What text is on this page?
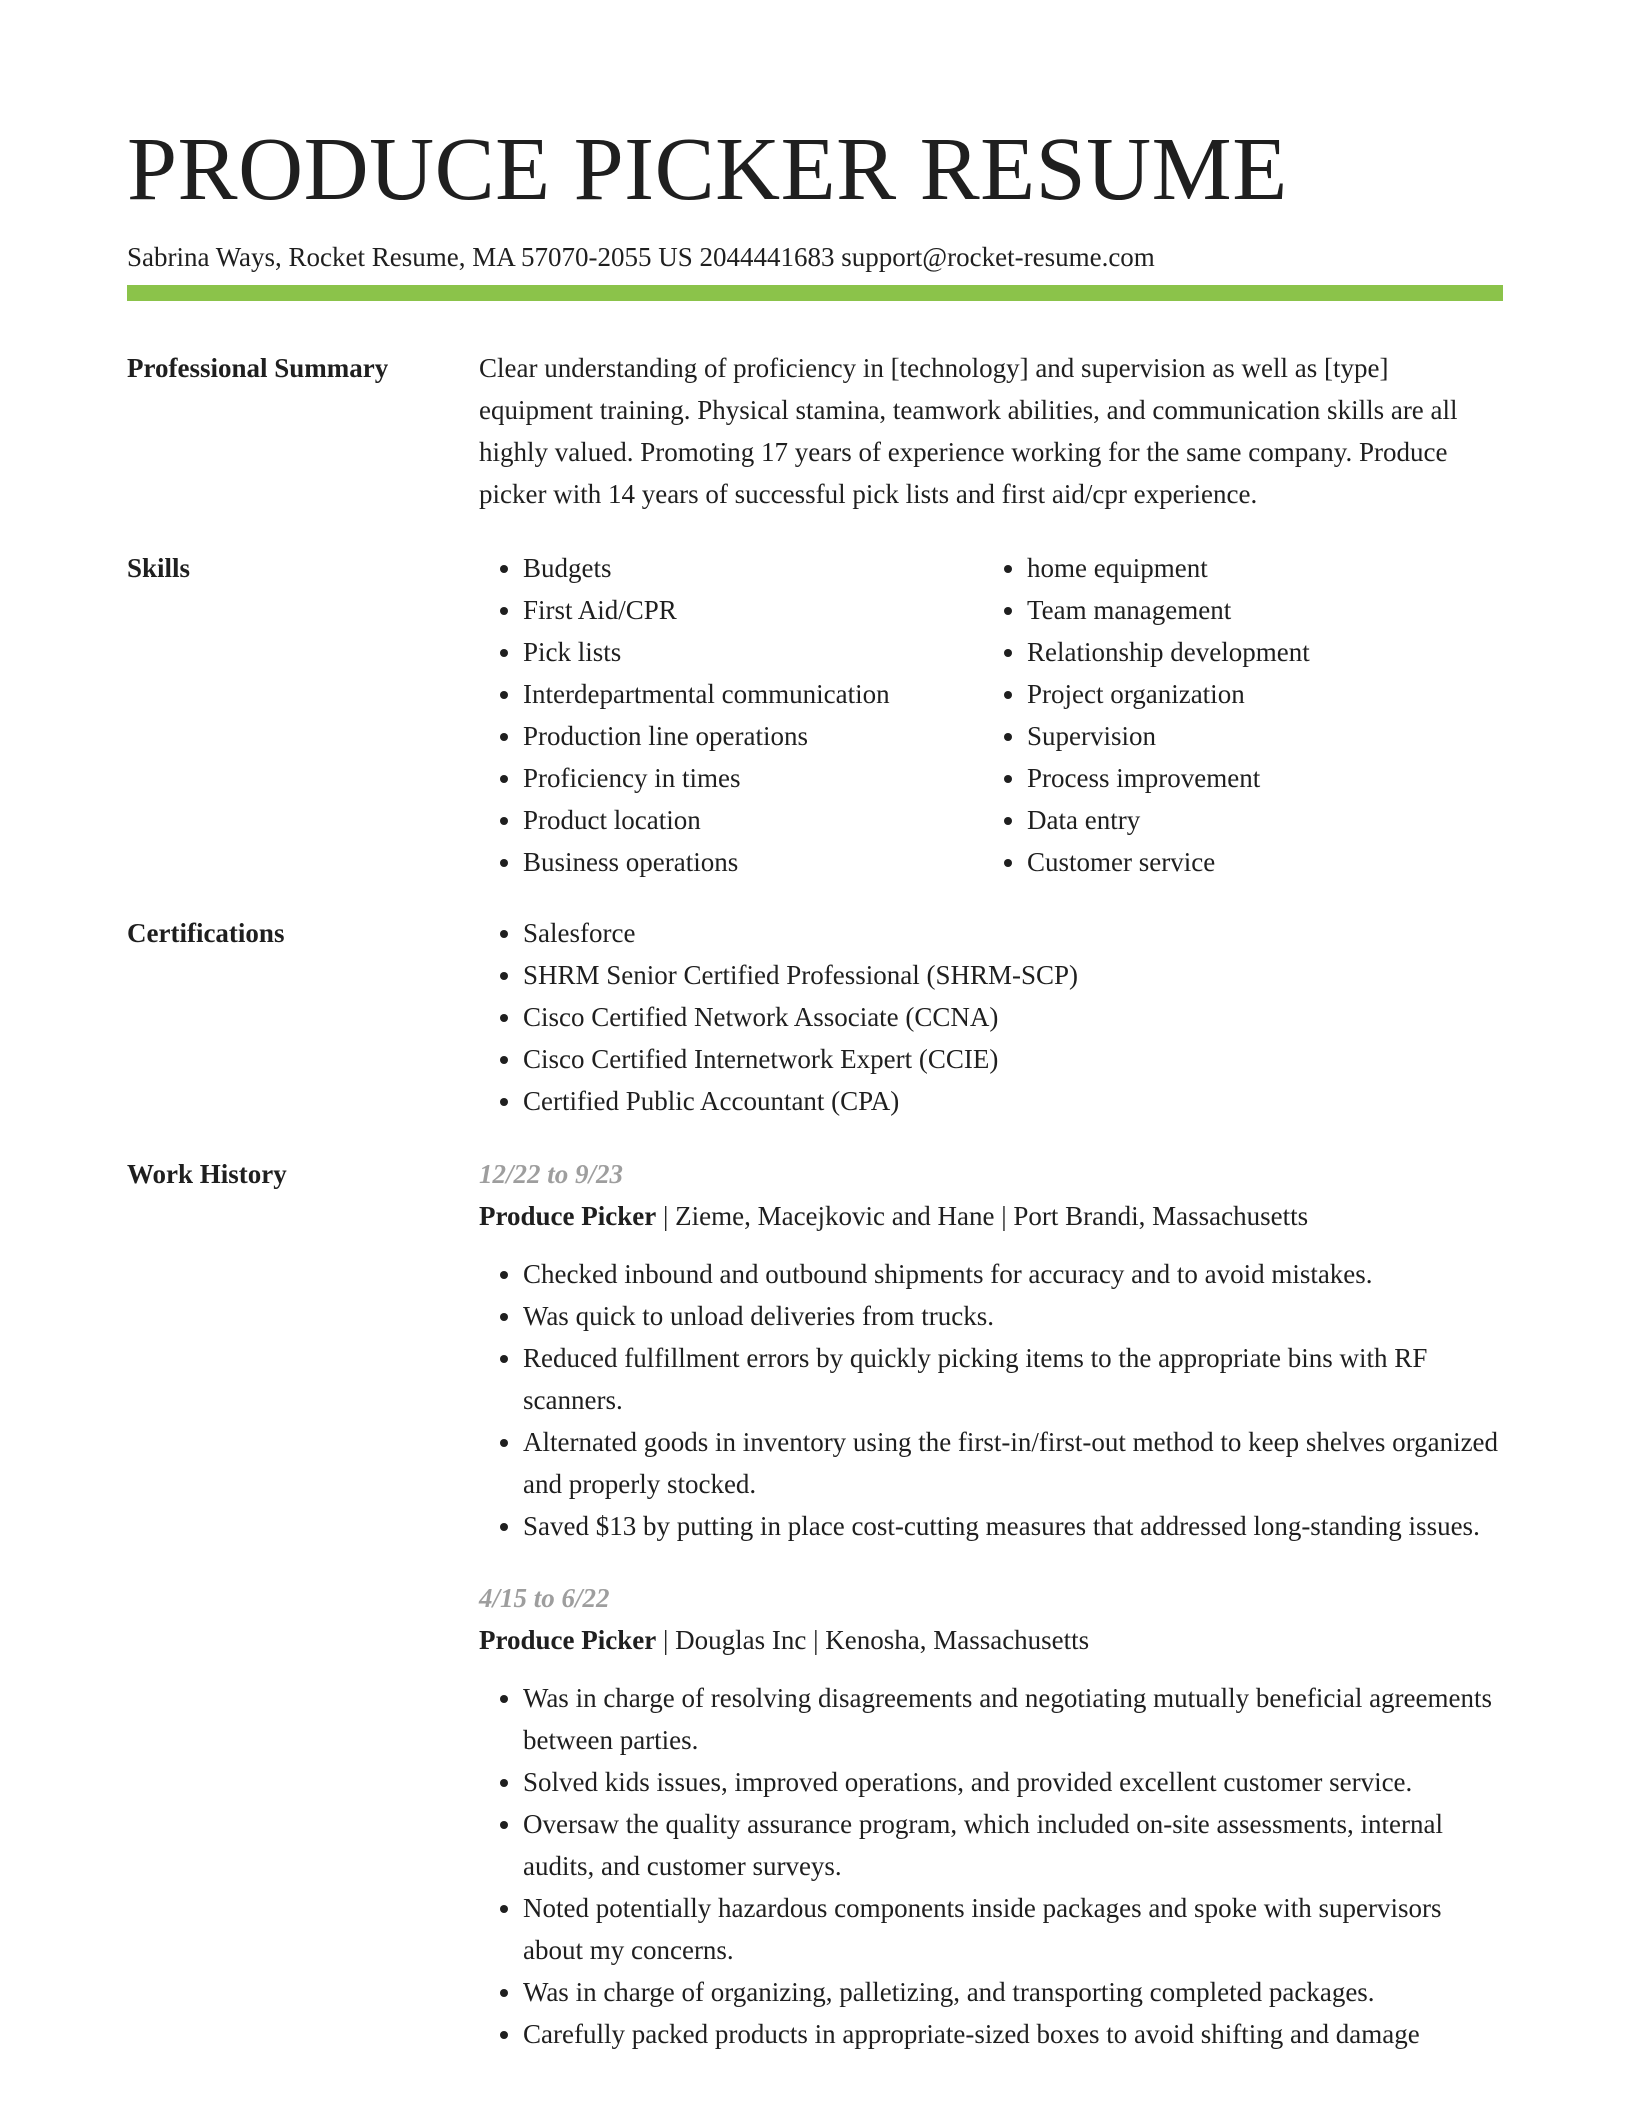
PRODUCE PICKER RESUME
Sabrina Ways, Rocket Resume, MA 57070-2055 US 2044441683 support@rocket-resume.com
Professional Summary	Clear understanding of proficiency in [technology] and supervision as well as [type] equipment training. Physical stamina, teamwork abilities, and communication skills are all highly valued. Promoting 17 years of experience working for the same company. Produce picker with 14 years of successful pick lists and first aid/cpr experience.

Skills	• Budgets
• First Aid/CPR
• Pick lists
• Interdepartmental communication
• Production line operations
• Proficiency in times
• Product location
• Business operations
• home equipment
• Team management
• Relationship development
• Project organization
• Supervision
• Process improvement
• Data entry
• Customer service
Certifications	• Salesforce
• SHRM Senior Certified Professional (SHRM-SCP)
• Cisco Certified Network Associate (CCNA)
• Cisco Certified Internetwork Expert (CCIE)
• Certified Public Accountant (CPA)
Work History	12/22 to 9/23
Produce Picker | Zieme, Macejkovic and Hane | Port Brandi, Massachusetts
• Checked inbound and outbound shipments for accuracy and to avoid mistakes.
• Was quick to unload deliveries from trucks.
• Reduced fulfillment errors by quickly picking items to the appropriate bins with RF scanners.
• Alternated goods in inventory using the first-in/first-out method to keep shelves organized and properly stocked.
• Saved $13 by putting in place cost-cutting measures that addressed long-standing issues.
4/15 to 6/22
Produce Picker | Douglas Inc | Kenosha, Massachusetts
• Was in charge of resolving disagreements and negotiating mutually beneficial agreements between parties.
• Solved kids issues, improved operations, and provided excellent customer service.
• Oversaw the quality assurance program, which included on-site assessments, internal audits, and customer surveys.
• Noted potentially hazardous components inside packages and spoke with supervisors about my concerns.
• Was in charge of organizing, palletizing, and transporting completed packages.
• Carefully packed products in appropriate-sized boxes to avoid shifting and damage
